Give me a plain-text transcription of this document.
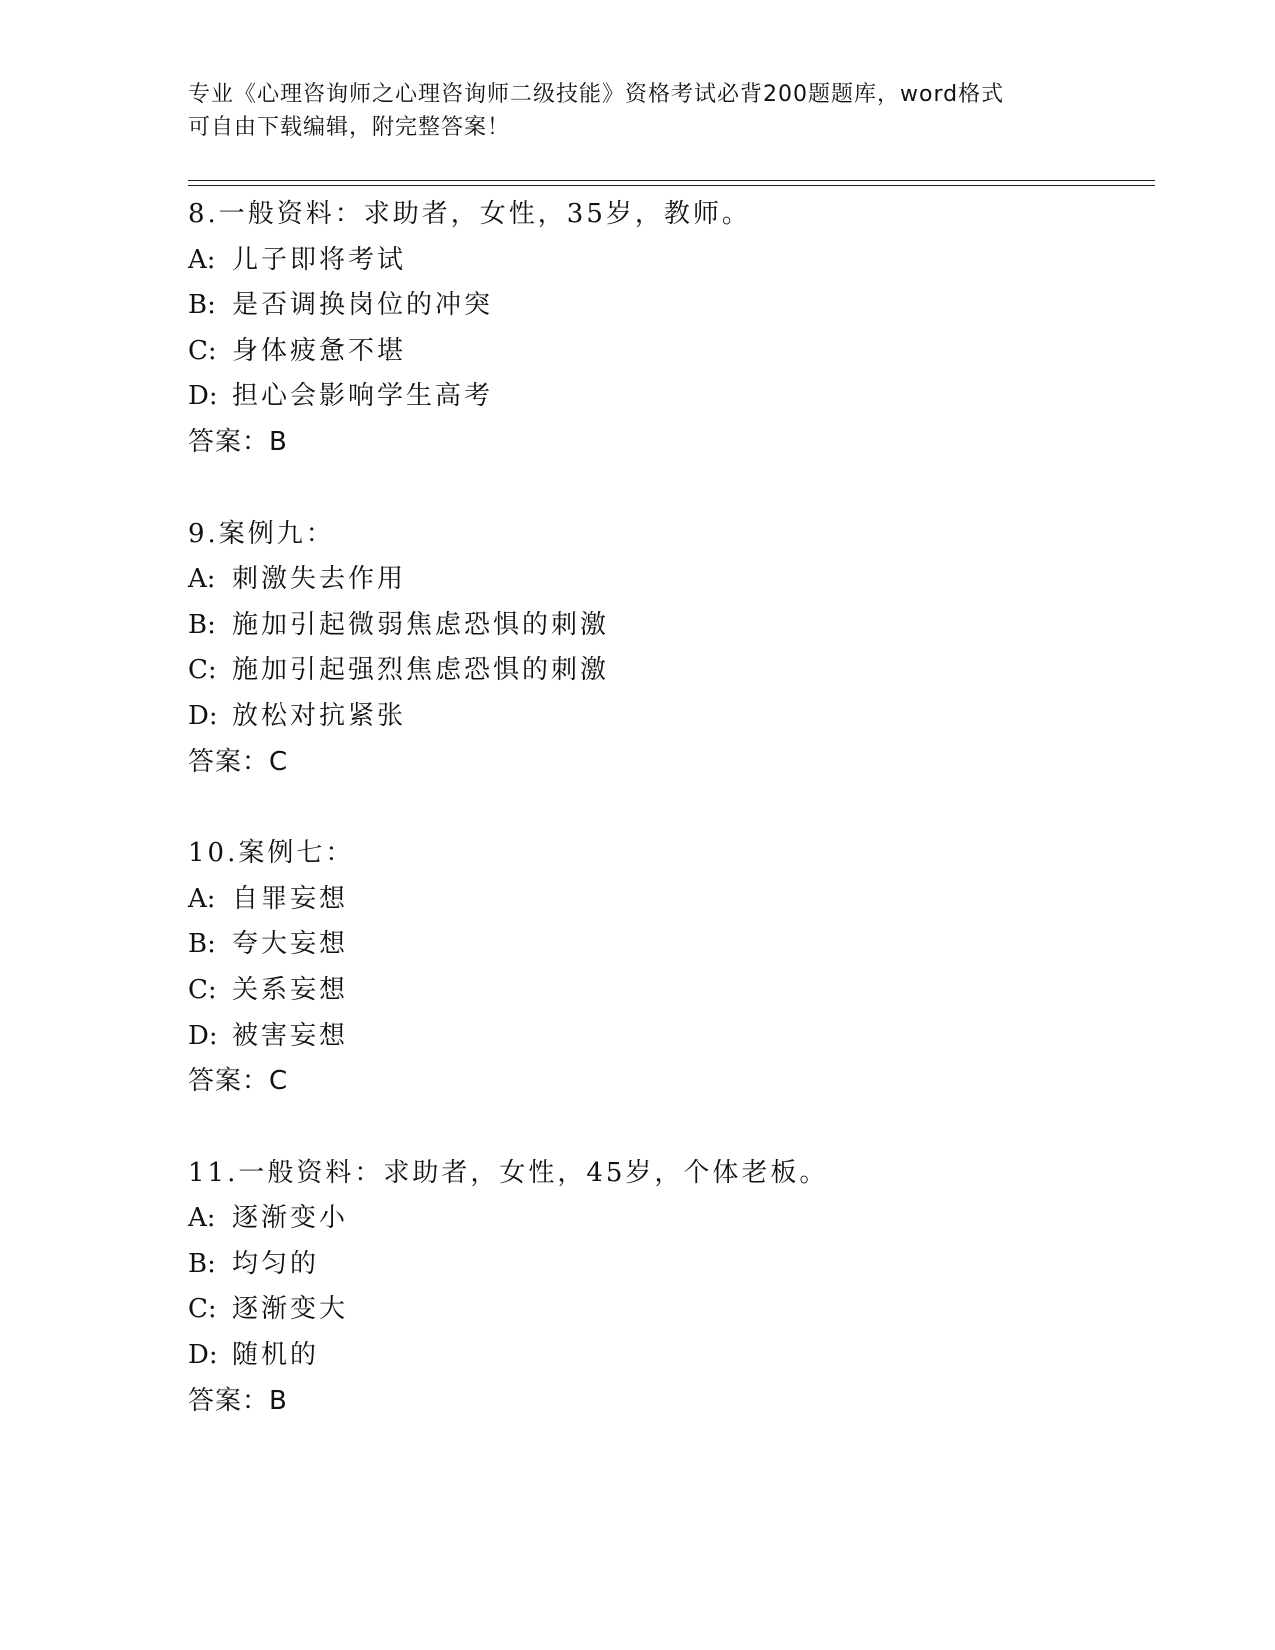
专业《心理咨询师之心理咨询师二级技能》资格考试必背200题题库，word格式
可自由下载编辑，附完整答案！
8.一般资料：求助者，女性，35岁，教师。
A: 儿子即将考试
B: 是否调换岗位的冲突
C: 身体疲惫不堪
D: 担心会影响学生高考
答案：B
9.案例九：
A: 刺激失去作用
B: 施加引起微弱焦虑恐惧的刺激
C: 施加引起强烈焦虑恐惧的刺激
D: 放松对抗紧张
答案：C
10.案例七：
A: 自罪妄想
B: 夸大妄想
C: 关系妄想
D: 被害妄想
答案：C
11.一般资料：求助者，女性，45岁，个体老板。
A: 逐渐变小
B: 均匀的
C: 逐渐变大
D: 随机的
答案：B
